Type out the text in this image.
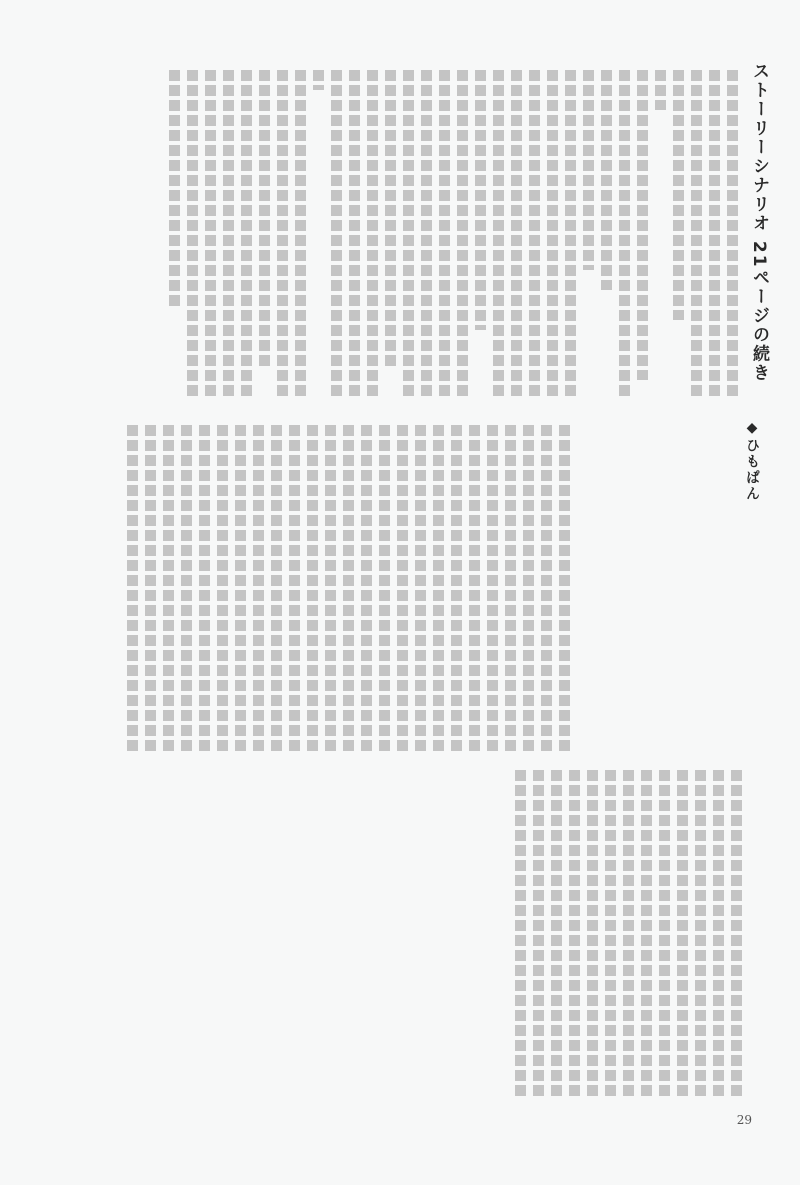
ストーリーシナリオ 21ページの続き
◆ひもぱん
29
